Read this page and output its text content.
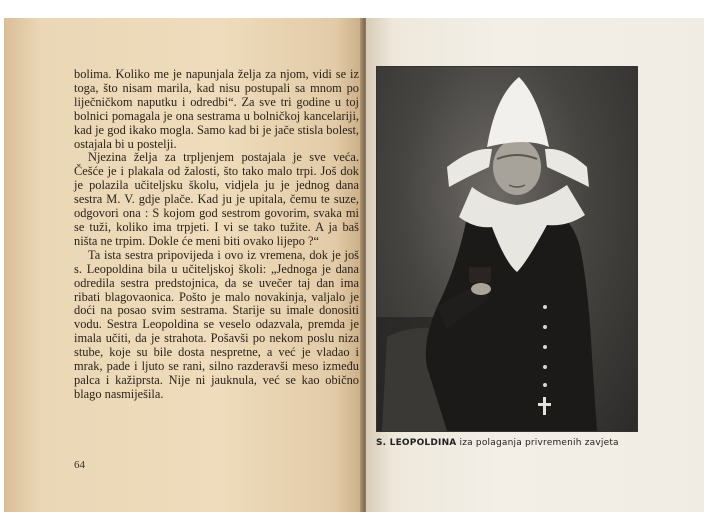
bolima. Koliko me je napunjala želja za njom, vidi se iz toga, što nisam marila, kad nisu postupali sa mnom po liječničkom naputku i odredbi“. Za sve tri godine u toj bolnici pomagala je ona sestrama u bolničkoj kancelariji, kad je god ikako mogla. Samo kad bi je jače stisla bolest, ostajala bi u postelji.

Njezina želja za trpljenjem postajala je sve veća. Češće je i plakala od žalosti, što tako malo trpi. Još dok je polazila učiteljsku školu, vidjela ju je jednog dana sestra M. V. gdje plače. Kad ju je upitala, čemu te suze, odgovori ona : S kojom god sestrom govorim, svaka mi se tuži, koliko ima trpjeti. I vi se tako tužite. A ja baš ništa ne trpim. Dokle će meni biti ovako lijepo ?“

Ta ista sestra pripovijeda i ovo iz vremena, dok je još s. Leopoldina bila u učiteljskoj školi: „Jednoga je dana odredila sestra predstojnica, da se uvečer taj dan ima ribati blagovaonica. Pošto je malo novakinja, valjalo je doći na posao svim sestrama. Starije su imale donositi vodu. Sestra Leopoldina se veselo odazvala, premda je imala učiti, da je strahota. Pošavši po nekom poslu niza stube, koje su bile dosta nespretne, a već je vladao i mrak, pade i ljuto se rani, silno razderavši meso između palca i kažiprsta. Nije ni jauknula, već se kao obično blago nasmiješila.

64
S. LEOPOLDINA iza polaganja privremenih zavjeta
